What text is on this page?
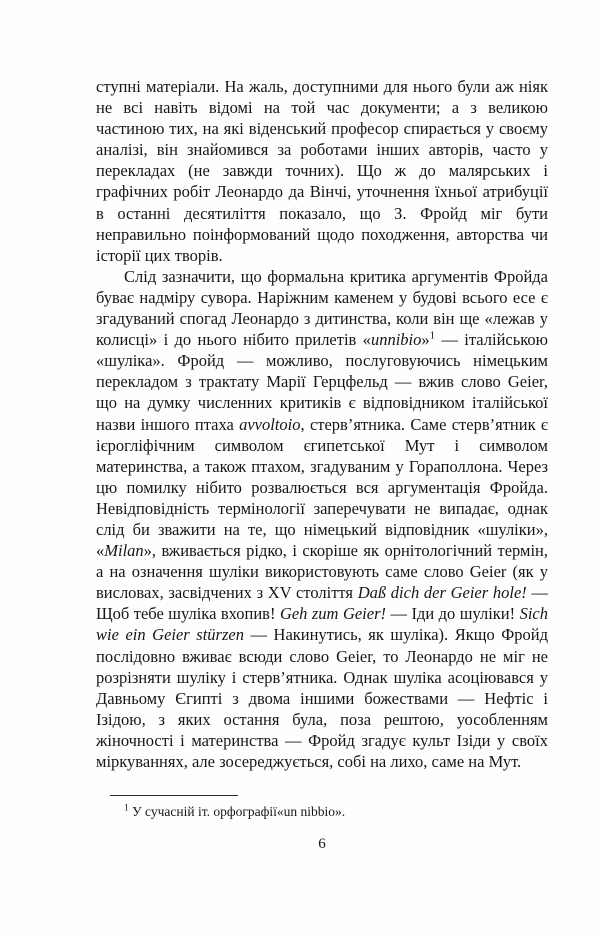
ступні матеріали. На жаль, доступними для нього були аж ніяк не всі навіть відомі на той час документи; а з великою частиною тих, на які віденський професор спирається у своєму аналізі, він знайомився за роботами інших авторів, часто у перекладах (не завжди точних). Що ж до малярських і графічних робіт Леонардо да Вінчі, уточнення їхньої атрибуції в останні десятиліття показало, що З. Фройд міг бути неправильно поінформований щодо походження, авторства чи історії цих творів.

Слід зазначити, що формальна критика аргументів Фройда буває надміру сувора. Наріжним каменем у будові всього есе є згадуваний спогад Леонардо з дитинства, коли він ще «лежав у колисці» і до нього нібито прилетів «unnibio»$^1$ — італійською «шуліка». Фройд — можливо, послуговуючись німецьким перекладом з трактату Марії Герцфельд — вжив слово Geier, що на думку численних критиків є відповідником італійської назви іншого птаха avvoltoio, стерв’ятника. Саме стерв’ятник є ієрогліфічним символом єгипетської Мут і символом материнства, а також птахом, згадуваним у Гораполлона. Через цю помилку нібито розвалюється вся аргументація Фройда. Невідповідність термінології заперечувати не випадає, однак слід би зважити на те, що німецький відповідник «шуліки», «Milan», вживається рідко, і скоріше як орнітологічний термін, а на означення шуліки використовують саме слово Geier (як у висловах, засвідчених з XV століття Daß dich der Geier hole! — Щоб тебе шуліка вхопив! Geh zum Geier! — Іди до шуліки! Sich wie ein Geier stürzen — Накинутись, як шуліка). Якщо Фройд послідовно вживає всюди слово Geier, то Леонардо не міг не розрізняти шуліку і стерв’ятника. Однак шуліка асоціювався у Давньому Єгипті з двома іншими божествами — Нефтіс і Ізідою, з яких остання була, поза рештою, уособленням жіночності і материнства — Фройд згадує культ Ізіди у своїх міркуваннях, але зосереджується, собі на лихо, саме на Мут.

$^1$ У сучасній іт. орфографії«un nibbio».

6
